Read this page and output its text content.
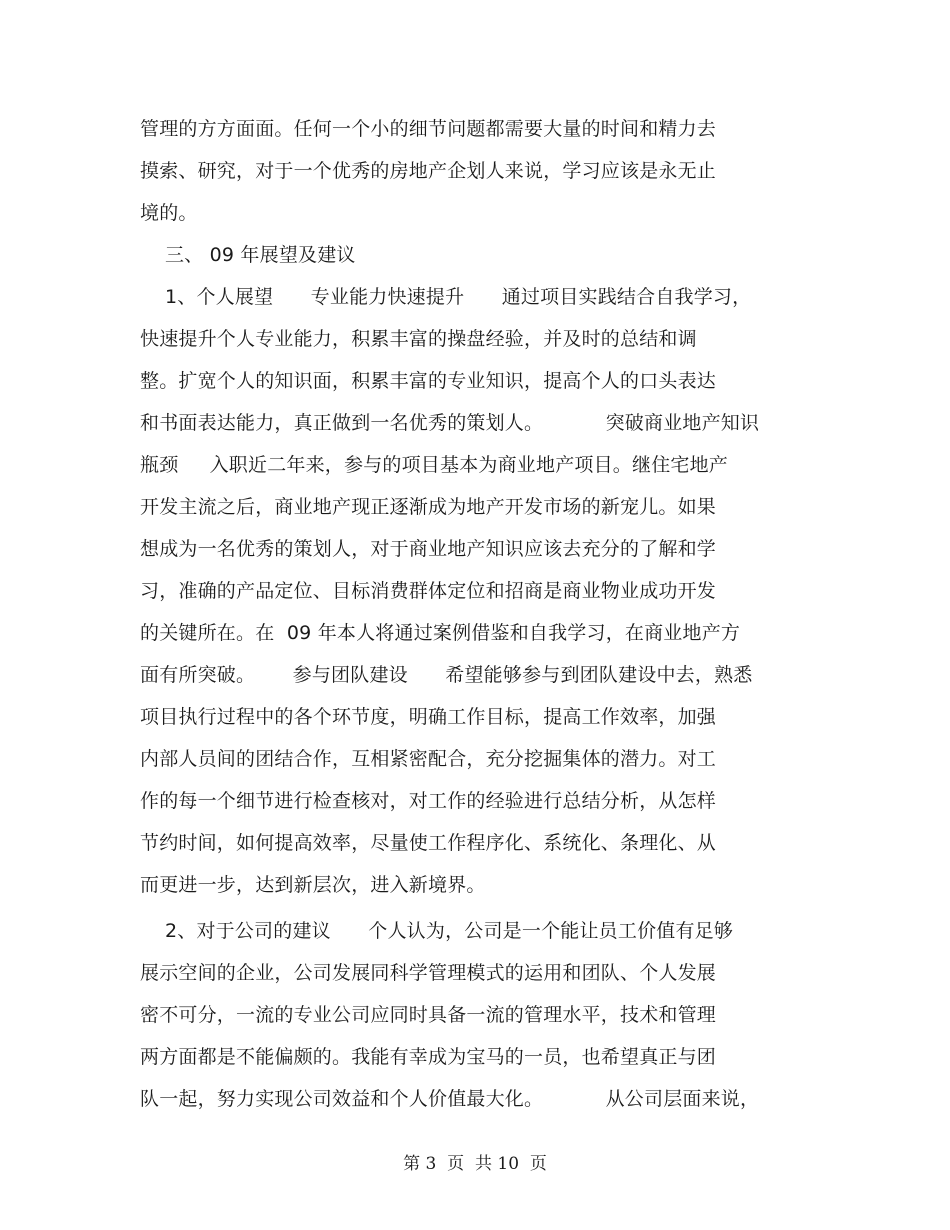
管理的方方面面。任何一个小的细节问题都需要大量的时间和精力去
摸索、研究，对于一个优秀的房地产企划人来说，学习应该是永无止
境的。
三、 09 年展望及建议
1、个人展望      专业能力快速提升      通过项目实践结合自我学习，
快速提升个人专业能力，积累丰富的操盘经验，并及时的总结和调
整。扩宽个人的知识面，积累丰富的专业知识，提高个人的口头表达
和书面表达能力，真正做到一名优秀的策划人。          突破商业地产知识
瓶颈     入职近二年来，参与的项目基本为商业地产项目。继住宅地产
开发主流之后，商业地产现正逐渐成为地产开发市场的新宠儿。如果
想成为一名优秀的策划人，对于商业地产知识应该去充分的了解和学
习，准确的产品定位、目标消费群体定位和招商是商业物业成功开发
的关键所在。在  09 年本人将通过案例借鉴和自我学习，在商业地产方
面有所突破。      参与团队建设      希望能够参与到团队建设中去，熟悉
项目执行过程中的各个环节度，明确工作目标，提高工作效率，加强
内部人员间的团结合作，互相紧密配合，充分挖掘集体的潜力。对工
作的每一个细节进行检查核对，对工作的经验进行总结分析，从怎样
节约时间，如何提高效率，尽量使工作程序化、系统化、条理化、从
而更进一步，达到新层次，进入新境界。
2、对于公司的建议      个人认为，公司是一个能让员工价值有足够
展示空间的企业，公司发展同科学管理模式的运用和团队、个人发展
密不可分，一流的专业公司应同时具备一流的管理水平，技术和管理
两方面都是不能偏颇的。我能有幸成为宝马的一员，也希望真正与团
队一起，努力实现公司效益和个人价值最大化。          从公司层面来说，
第 3  页  共 10  页
